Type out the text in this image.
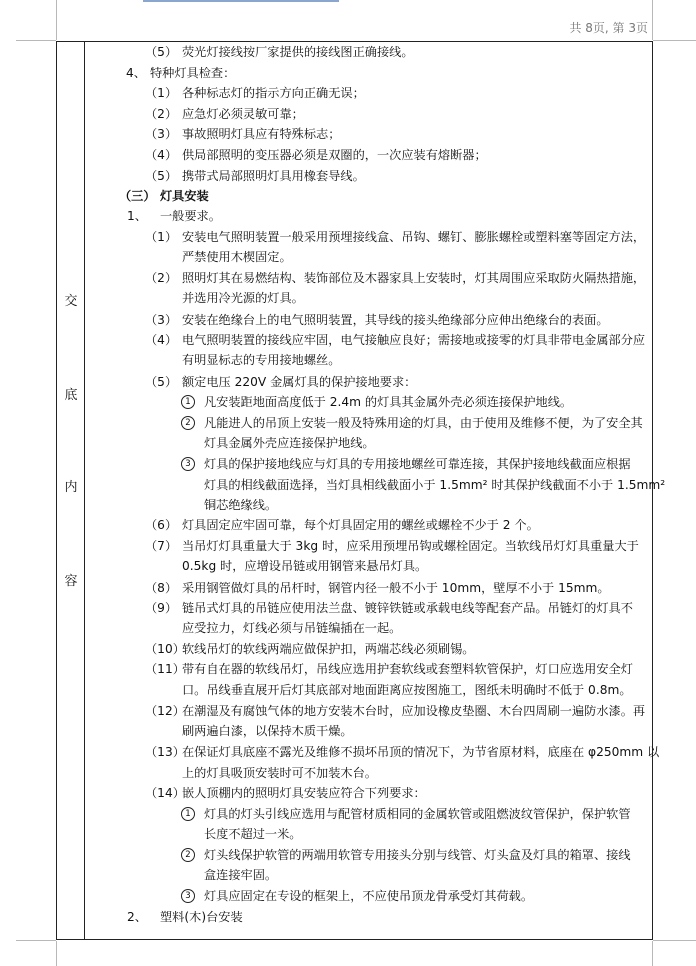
共 8页, 第 3页
交
底
内
容
（5） 荧光灯接线按厂家提供的接线图正确接线。
4、 特种灯具检查：
（1） 各种标志灯的指示方向正确无误；
（2） 应急灯必须灵敏可靠；
（3） 事故照明灯具应有特殊标志；
（4） 供局部照明的变压器必须是双圈的，一次应装有熔断器；
（5） 携带式局部照明灯具用橡套导线。
（三） 灯具安装
1、 一般要求。
（1） 安装电气照明装置一般采用预埋接线盒、吊钩、螺钉、膨胀螺栓或塑料塞等固定方法，
严禁使用木楔固定。
（2） 照明灯其在易燃结构、装饰部位及木器家具上安装时，灯其周围应采取防火隔热措施，
并选用冷光源的灯具。
（3） 安装在绝缘台上的电气照明装置，其导线的接头绝缘部分应伸出绝缘台的表面。
（4） 电气照明装置的接线应牢固，电气接触应良好；需接地或接零的灯具非带电金属部分应
有明显标志的专用接地螺丝。
（5） 额定电压 220V 金属灯具的保护接地要求：
1	凡安装距地面高度低于 2.4m 的灯具其金属外壳必须连接保护地线。
2	凡能进人的吊顶上安装一般及特殊用途的灯具，由于使用及维修不便，为了安全其
灯具金属外壳应连接保护地线。
3	灯具的保护接地线应与灯具的专用接地螺丝可靠连接，其保护接地线截面应根据
灯具的相线截面选择，当灯具相线截面小于 1.5mm² 时其保护线截面不小于 1.5mm²
铜芯绝缘线。
（6） 灯具固定应牢固可靠，每个灯具固定用的螺丝或螺栓不少于 2 个。
（7） 当吊灯灯具重量大于 3kg 时，应采用预埋吊钩或螺栓固定。当软线吊灯灯具重量大于
0.5kg 时，应增设吊链或用钢管来悬吊灯具。
（8） 采用钢管做灯具的吊杆时，钢管内径一般不小于 10mm，壁厚不小于 15mm。
（9） 链吊式灯具的吊链应使用法兰盘、镀锌铁链或承载电线等配套产品。吊链灯的灯具不
应受拉力，灯线必须与吊链编插在一起。
（10）
软线吊灯的软线两端应做保护扣，两端芯线必须刷锡。
（11）
带有自在器的软线吊灯，吊线应选用护套软线或套塑料软管保护，灯口应选用安全灯
口。吊线垂直展开后灯其底部对地面距离应按图施工，图纸未明确时不低于 0.8m。
（12）
在潮湿及有腐蚀气体的地方安装木台时，应加设橡皮垫圈、木台四周刷一遍防水漆。再
刷两遍白漆，以保持木质干燥。
（13）
在保证灯具底座不露光及维修不损坏吊顶的情况下，为节省原材料，底座在 φ250mm 以
上的灯具吸顶安装时可不加装木台。
（14）
嵌人顶棚内的照明灯具安装应符合下列要求：
1	灯具的灯头引线应选用与配管材质相同的金属软管或阻燃波纹管保护，保护软管
长度不超过一米。
2	灯头线保护软管的两端用软管专用接头分别与线管、灯头盒及灯具的箱罩、接线
盒连接牢固。
3	灯具应固定在专设的框架上，不应使吊顶龙骨承受灯其荷载。
2、 塑料(木)台安装
